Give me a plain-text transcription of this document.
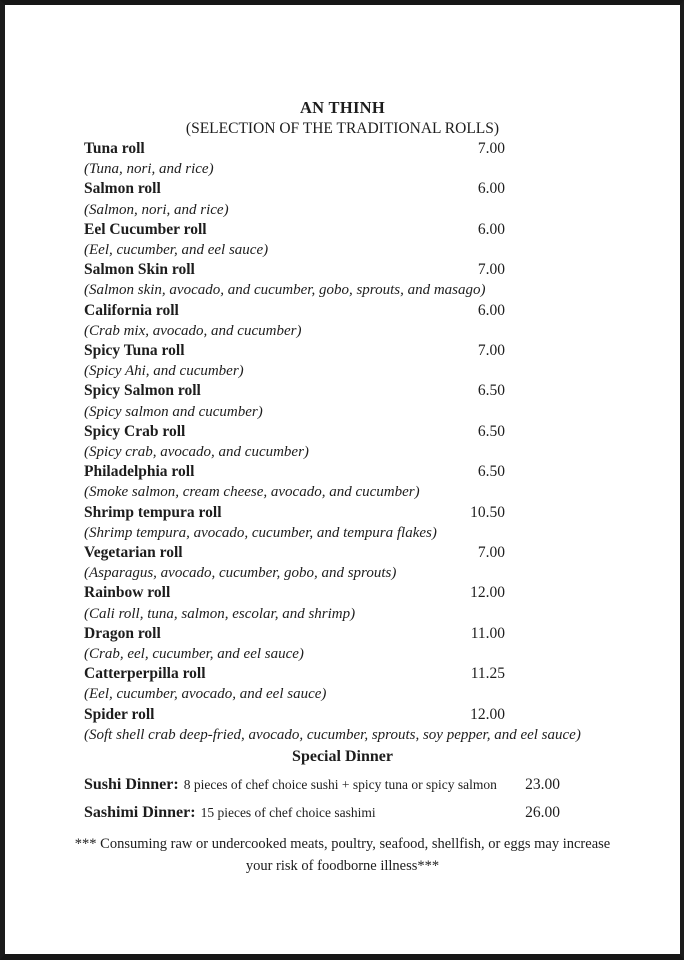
AN THINH
(SELECTION OF THE TRADITIONAL ROLLS)
Tuna roll	7.00
(Tuna, nori, and rice)
Salmon roll	6.00
(Salmon, nori, and rice)
Eel Cucumber roll	6.00
(Eel, cucumber, and eel sauce)
Salmon Skin roll	7.00
(Salmon skin, avocado, and cucumber, gobo, sprouts, and masago)
California roll	6.00
(Crab mix, avocado, and cucumber)
Spicy Tuna roll	7.00
(Spicy Ahi, and cucumber)
Spicy Salmon roll	6.50
(Spicy salmon and cucumber)
Spicy Crab roll	6.50
(Spicy crab, avocado, and cucumber)
Philadelphia roll	6.50
(Smoke salmon, cream cheese, avocado, and cucumber)
Shrimp tempura roll	10.50
(Shrimp tempura, avocado, cucumber, and tempura flakes)
Vegetarian roll	7.00
(Asparagus, avocado, cucumber, gobo, and sprouts)
Rainbow roll	12.00
(Cali roll, tuna, salmon, escolar, and shrimp)
Dragon roll	11.00
(Crab, eel, cucumber, and eel sauce)
Catterperpilla roll	11.25
(Eel, cucumber, avocado, and eel sauce)
Spider roll	12.00
(Soft shell crab deep-fried, avocado, cucumber, sprouts, soy pepper, and eel sauce)
Special Dinner
Sushi Dinner: 8 pieces of chef choice sushi + spicy tuna or spicy salmon 23.00
Sashimi Dinner: 15 pieces of chef choice sashimi	26.00
*** Consuming raw or undercooked meats, poultry, seafood, shellfish, or eggs may increase
your risk of foodborne illness***
